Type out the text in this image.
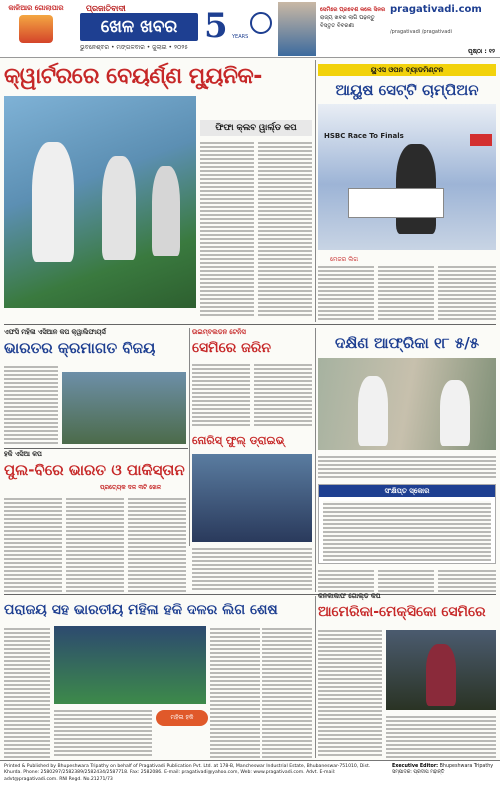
କାଳିଆର ଗୋଲାପାର	ପ୍ରଜାତିବାଦୀ
ଖେଳ ଖବର
ଭୁବନେଶ୍ବର • ମଙ୍ଗଳବାର • ଜୁଲାଇ • ୨୦୨୫
5 YEARS
ସେମିରେ ପ୍ରବେଶ କଲେ ସିନର
ରାଜ୍ୟ ଖବର ଲାଗି ପଢ଼ନ୍ତୁ ବିସ୍ତୃତ ବିବରଣୀ
pragativadi.com
/pragativadi /pragativadi
ପୃଷ୍ଠା : ୧୨
କ୍ୱାର୍ଟରରେ ବେୟର୍ଣ୍ଣ ମ୍ୟୁନିକ-
ଫିଫା କ୍ଲବ ୱାର୍ଲ୍ଡ କପ
ୟୁଏସ ଓପନ ବ୍ୟାଡମିଣ୍ଟନ
ଆୟୁଷ ସେଟ୍ଟି ଚାମ୍ପିଅନ
HSBC Race To Finals
ମେଜର ଲିଗ
ଏଫସି ମହିଳା ଏସିଆନ କପ କ୍ୱାଲିଫାୟର୍ସ
ଭାରତର କ୍ରମାଗତ ବିଜୟ
ଉଇମ୍ବଲଡନ ଟେନିସ
ସେମିରେ ଜରିନ
ନୋରିସ୍ ଫୁଲ୍ ଡ୍ରାଇଭ୍
ଦକ୍ଷିଣ ଆଫ୍ରିକା ୧୮ ୫/୫
ସଂକ୍ଷିପ୍ତ ସ୍କୋର
ହକି ଏସିଆ କପ
ପୁଲ-ବିରେ ଭାରତ ଓ ପାକିସ୍ତାନ
ପ୍ରତ୍ୟେକ ଦଳ ୩ଟି ଖେଳ
ପରାଜୟ ସହ ଭାରତୀୟ ମହିଳା ହକି ଦଳର ଲିଗ ଶେଷ
ମହିଳା ହକି
କନକାକାଫ ଗୋଲ୍ଡ କପ
ଆମେରିକା-ମେକ୍ସିକୋ ସେମିରେ
Printed & Published by Bhupeshwara Tripathy on behalf of Pragativadi Publication Pvt. Ltd. at 178-B, Mancheswar Industrial Estate, Bhubaneswar-751010, Dist. Khurda. Phone: 2580297/2582389/2582434/2587718. Fax: 2582086. E-mail: pragativadi@yahoo.com, Web: www.pragativadi.com. Advt. E-mail: advt@pragativadi.com. RNI Regd. No.21271/73
Executive Editor: Bhupeshwara Tripathy
ସମ୍ପାଦକ: ପ୍ରଦୀପ ମହାନ୍ତି
